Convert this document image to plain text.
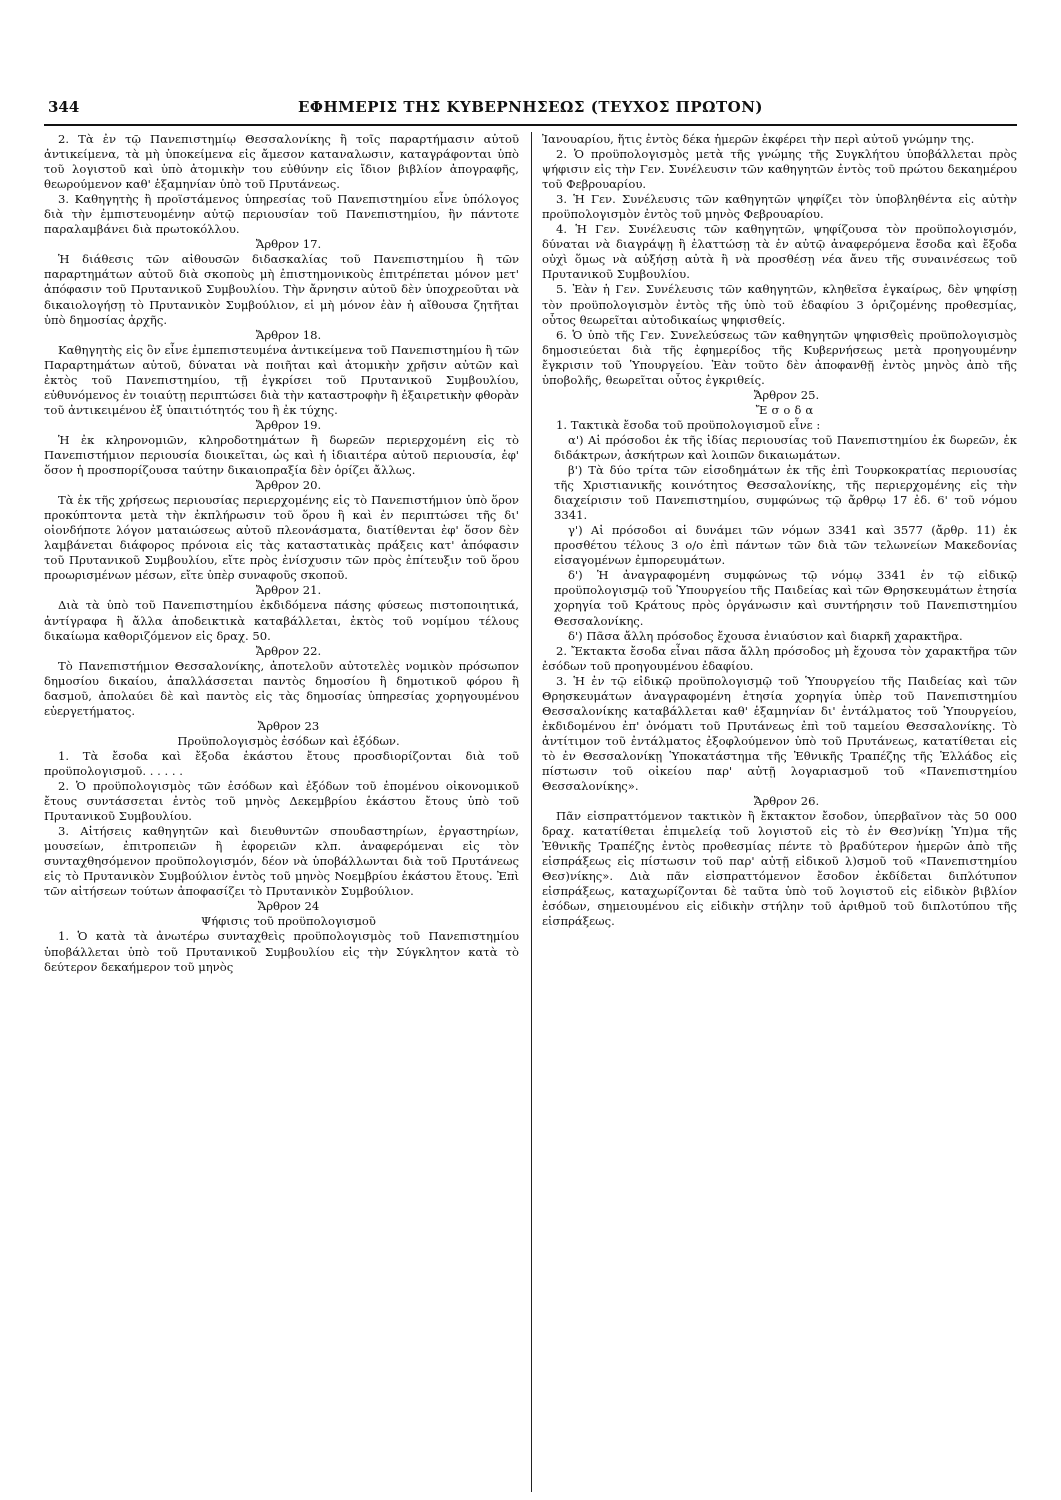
344	ΕΦΗΜΕΡΙΣ ΤΗΣ ΚΥΒΕΡΝΗΣΕΩΣ (ΤΕΥΧΟΣ ΠΡΩΤΟΝ)

2. Τὰ ἐν τῷ Πανεπιστημίῳ Θεσσαλονίκης ἢ τοῖς παραρτήμασιν αὐτοῦ ἀντικείμενα, τὰ μὴ ὑποκείμενα εἰς ἄμεσον καταναλωσιν, καταγράφονται ὑπὸ τοῦ λογιστοῦ καὶ ὑπὸ ἀτομικὴν του εὐθύνην εἰς ἴδιον βιβλίον ἀπογραφῆς, θεωρούμενον καθ' ἑξαμηνίαν ὑπὸ τοῦ Πρυτάνεως.

3. Καθηγητὴς ἢ προϊστάμενος ὑπηρεσίας τοῦ Πανεπιστημίου εἶνε ὑπόλογος διὰ τὴν ἐμπιστευομένην αὐτῷ περιουσίαν τοῦ Πανεπιστημίου, ἣν πάντοτε παραλαμβάνει διὰ πρωτοκόλλου.

Ἄρθρον 17.

Ἡ διάθεσις τῶν αἰθουσῶν διδασκαλίας τοῦ Πανεπιστημίου ἢ τῶν παραρτημάτων αὐτοῦ διὰ σκοποὺς μὴ ἐπιστημονικοὺς ἐπιτρέπεται μόνον μετ' ἀπόφασιν τοῦ Πρυτανικοῦ Συμβουλίου. Τὴν ἄρνησιν αὐτοῦ δὲν ὑποχρεοῦται νὰ δικαιολογήσῃ τὸ Πρυτανικὸν Συμβούλιον, εἰ μὴ μόνον ἐὰν ἡ αἴθουσα ζητῆται ὑπὸ δημοσίας ἀρχῆς.

Ἄρθρον 18.

Καθηγητὴς εἰς ὃν εἶνε ἐμπεπιστευμένα ἀντικείμενα τοῦ Πανεπιστημίου ἢ τῶν Παραρτημάτων αὐτοῦ, δύναται νὰ ποιῆται καὶ ἀτομικὴν χρῆσιν αὐτῶν καὶ ἐκτὸς τοῦ Πανεπιστημίου, τῇ ἐγκρίσει τοῦ Πρυτανικοῦ Συμβουλίου, εὐθυνόμενος ἐν τοιαύτῃ περιπτώσει διὰ τὴν καταστροφὴν ἢ ἐξαιρετικὴν φθορὰν τοῦ ἀντικειμένου ἐξ ὑπαιτιότητός του ἢ ἐκ τύχης.

Ἄρθρον 19.

Ἡ ἐκ κληρονομιῶν, κληροδοτημάτων ἢ δωρεῶν περιερχομένη εἰς τὸ Πανεπιστήμιον περιουσία διοικεῖται, ὡς καὶ ἡ ἰδιαιτέρα αὐτοῦ περιουσία, ἐφ' ὅσον ἡ προσπορίζουσα ταύτην δικαιοπραξία δὲν ὁρίζει ἄλλως.

Ἄρθρον 20.

Τὰ ἐκ τῆς χρήσεως περιουσίας περιερχομένης εἰς τὸ Πανεπιστήμιον ὑπὸ ὅρον προκύπτοντα μετὰ τὴν ἐκπλήρωσιν τοῦ ὅρου ἢ καὶ ἐν περιπτώσει τῆς δι' οἱονδήποτε λόγον ματαιώσεως αὐτοῦ πλεονάσματα, διατίθενται ἐφ' ὅσον δὲν λαμβάνεται διάφορος πρόνοια εἰς τὰς καταστατικὰς πράξεις κατ' ἀπόφασιν τοῦ Πρυτανικοῦ Συμβουλίου, εἴτε πρὸς ἐνίσχυσιν τῶν πρὸς ἐπίτευξιν τοῦ ὅρου προωρισμένων μέσων, εἴτε ὑπὲρ συναφοῦς σκοποῦ.

Ἄρθρον 21.

Διὰ τὰ ὑπὸ τοῦ Πανεπιστημίου ἐκδιδόμενα πάσης φύσεως πιστοποιητικά, ἀντίγραφα ἢ ἄλλα ἀποδεικτικὰ καταβάλλεται, ἐκτὸς τοῦ νομίμου τέλους δικαίωμα καθοριζόμενον εἰς δραχ. 50.

Ἄρθρον 22.

Τὸ Πανεπιστήμιον Θεσσαλονίκης, ἀποτελοῦν αὐτοτελὲς νομικὸν πρόσωπον δημοσίου δικαίου, ἀπαλλάσσεται παντὸς δημοσίου ἢ δημοτικοῦ φόρου ἢ δασμοῦ, ἀπολαύει δὲ καὶ παντὸς εἰς τὰς δημοσίας ὑπηρεσίας χορηγουμένου εὐεργετήματος.

Ἄρθρον 23

Προϋπολογισμὸς ἐσόδων καὶ ἐξόδων.

1. Τὰ ἔσοδα καὶ ἔξοδα ἑκάστου ἔτους προσδιορίζονται διὰ τοῦ προϋπολογισμοῦ. . . . . .

2. Ὁ προϋπολογισμὸς τῶν ἐσόδων καὶ ἐξόδων τοῦ ἐπομένου οἰκονομικοῦ ἔτους συντάσσεται ἐντὸς τοῦ μηνὸς Δεκεμβρίου ἑκάστου ἔτους ὑπὸ τοῦ Πρυτανικοῦ Συμβουλίου.

3. Αἰτήσεις καθηγητῶν καὶ διευθυντῶν σπουδαστηρίων, ἐργαστηρίων, μουσείων, ἐπιτροπειῶν ἢ ἐφορειῶν κλπ. ἀναφερόμεναι εἰς τὸν συνταχθησόμενον προϋπολογισμόν, δέον νὰ ὑποβάλλωνται διὰ τοῦ Πρυτάνεως εἰς τὸ Πρυτανικὸν Συμβούλιον ἐντὸς τοῦ μηνὸς Νοεμβρίου ἑκάστου ἔτους. Ἐπὶ τῶν αἰτήσεων τούτων ἀποφασίζει τὸ Πρυτανικὸν Συμβούλιον.

Ἄρθρον 24

Ψήφισις τοῦ προϋπολογισμοῦ

1. Ὁ κατὰ τὰ ἀνωτέρω συνταχθεὶς προϋπολογισμὸς τοῦ Πανεπιστημίου ὑποβάλλεται ὑπὸ τοῦ Πρυτανικοῦ Συμβουλίου εἰς τὴν Σύγκλητον κατὰ τὸ δεύτερον δεκαήμερον τοῦ μηνὸς

Ἰανουαρίου, ἥτις ἐντὸς δέκα ἡμερῶν ἐκφέρει τὴν περὶ αὐτοῦ γνώμην της.

2. Ὁ προϋπολογισμὸς μετὰ τῆς γνώμης τῆς Συγκλήτου ὑποβάλλεται πρὸς ψήφισιν εἰς τὴν Γεν. Συνέλευσιν τῶν καθηγητῶν ἐντὸς τοῦ πρώτου δεκαημέρου τοῦ Φεβρουαρίου.

3. Ἡ Γεν. Συνέλευσις τῶν καθηγητῶν ψηφίζει τὸν ὑποβληθέντα εἰς αὐτὴν προϋπολογισμὸν ἐντὸς τοῦ μηνὸς Φεβρουαρίου.

4. Ἡ Γεν. Συνέλευσις τῶν καθηγητῶν, ψηφίζουσα τὸν προϋπολογισμόν, δύναται νὰ διαγράψῃ ἢ ἐλαττώσῃ τὰ ἐν αὐτῷ ἀναφερόμενα ἔσοδα καὶ ἔξοδα οὐχὶ ὅμως νὰ αὐξήσῃ αὐτὰ ἢ νὰ προσθέσῃ νέα ἄνευ τῆς συναινέσεως τοῦ Πρυτανικοῦ Συμβουλίου.

5. Ἐὰν ἡ Γεν. Συνέλευσις τῶν καθηγητῶν, κληθεῖσα ἐγκαίρως, δὲν ψηφίσῃ τὸν προϋπολογισμὸν ἐντὸς τῆς ὑπὸ τοῦ ἐδαφίου 3 ὁριζομένης προθεσμίας, οὗτος θεωρεῖται αὐτοδικαίως ψηφισθείς.

6. Ὁ ὑπὸ τῆς Γεν. Συνελεύσεως τῶν καθηγητῶν ψηφισθεὶς προϋπολογισμὸς δημοσιεύεται διὰ τῆς ἐφημερίδος τῆς Κυβερνήσεως μετὰ προηγουμένην ἔγκρισιν τοῦ Ὑπουργείου. Ἐὰν τοῦτο δὲν ἀποφανθῇ ἐντὸς μηνὸς ἀπὸ τῆς ὑποβολῆς, θεωρεῖται οὗτος ἐγκριθείς.

Ἄρθρον 25.

Ἔσοδα

1. Τακτικὰ ἔσοδα τοῦ προϋπολογισμοῦ εἶνε :

α') Αἱ πρόσοδοι ἐκ τῆς ἰδίας περιουσίας τοῦ Πανεπιστημίου ἐκ δωρεῶν, ἐκ διδάκτρων, ἀσκήτρων καὶ λοιπῶν δικαιωμάτων.

β') Τὰ δύο τρίτα τῶν εἰσοδημάτων ἐκ τῆς ἐπὶ Τουρκοκρατίας περιουσίας τῆς Χριστιανικῆς κοινότητος Θεσσαλονίκης, τῆς περιερχομένης εἰς τὴν διαχείρισιν τοῦ Πανεπιστημίου, συμφώνως τῷ ἄρθρῳ 17 ἐδ. 6' τοῦ νόμου 3341.

γ') Αἱ πρόσοδοι αἱ δυνάμει τῶν νόμων 3341 καὶ 3577 (ἄρθρ. 11) ἐκ προσθέτου τέλους 3 ο/ο ἐπὶ πάντων τῶν διὰ τῶν τελωνείων Μακεδονίας εἰσαγομένων ἐμπορευμάτων.

δ') Ἡ ἀναγραφομένη συμφώνως τῷ νόμῳ 3341 ἐν τῷ εἰδικῷ προϋπολογισμῷ τοῦ Ὑπουργείου τῆς Παιδείας καὶ τῶν Θρησκευμάτων ἐτησία χορηγία τοῦ Κράτους πρὸς ὀργάνωσιν καὶ συντήρησιν τοῦ Πανεπιστημίου Θεσσαλονίκης.

δ') Πᾶσα ἄλλη πρόσοδος ἔχουσα ἐνιαύσιον καὶ διαρκῆ χαρακτῆρα.

2. Ἔκτακτα ἔσοδα εἶναι πᾶσα ἄλλη πρόσοδος μὴ ἔχουσα τὸν χαρακτῆρα τῶν ἐσόδων τοῦ προηγουμένου ἐδαφίου.

3. Ἡ ἐν τῷ εἰδικῷ προϋπολογισμῷ τοῦ Ὑπουργείου τῆς Παιδείας καὶ τῶν Θρησκευμάτων ἀναγραφομένη ἐτησία χορηγία ὑπὲρ τοῦ Πανεπιστημίου Θεσσαλονίκης καταβάλλεται καθ' ἑξαμηνίαν δι' ἐντάλματος τοῦ Ὑπουργείου, ἐκδιδομένου ἐπ' ὀνόματι τοῦ Πρυτάνεως ἐπὶ τοῦ ταμείου Θεσσαλονίκης. Τὸ ἀντίτιμον τοῦ ἐντάλματος ἐξοφλούμενον ὑπὸ τοῦ Πρυτάνεως, κατατίθεται εἰς τὸ ἐν Θεσσαλονίκῃ Ὑποκατάστημα τῆς Ἐθνικῆς Τραπέζης τῆς Ἑλλάδος εἰς πίστωσιν τοῦ οἰκείου παρ' αὐτῇ λογαριασμοῦ τοῦ «Πανεπιστημίου Θεσσαλονίκης».

Ἄρθρον 26.

Πᾶν εἰσπραττόμενον τακτικὸν ἢ ἔκτακτον ἔσοδον, ὑπερβαῖνον τὰς 50 000 δραχ. κατατίθεται ἐπιμελείᾳ τοῦ λογιστοῦ εἰς τὸ ἐν Θεσ)νίκῃ Ὑπ)μα τῆς Ἐθνικῆς Τραπέζης ἐντὸς προθεσμίας πέντε τὸ βραδύτερον ἡμερῶν ἀπὸ τῆς εἰσπράξεως εἰς πίστωσιν τοῦ παρ' αὐτῇ εἰδικοῦ λ)σμοῦ τοῦ «Πανεπιστημίου Θεσ)νίκης». Διὰ πᾶν εἰσπραττόμενον ἔσοδον ἐκδίδεται διπλότυπον εἰσπράξεως, καταχωρίζονται δὲ ταῦτα ὑπὸ τοῦ λογιστοῦ εἰς εἰδικὸν βιβλίον ἐσόδων, σημειουμένου εἰς εἰδικὴν στήλην τοῦ ἀριθμοῦ τοῦ διπλοτύπου τῆς εἰσπράξεως.
